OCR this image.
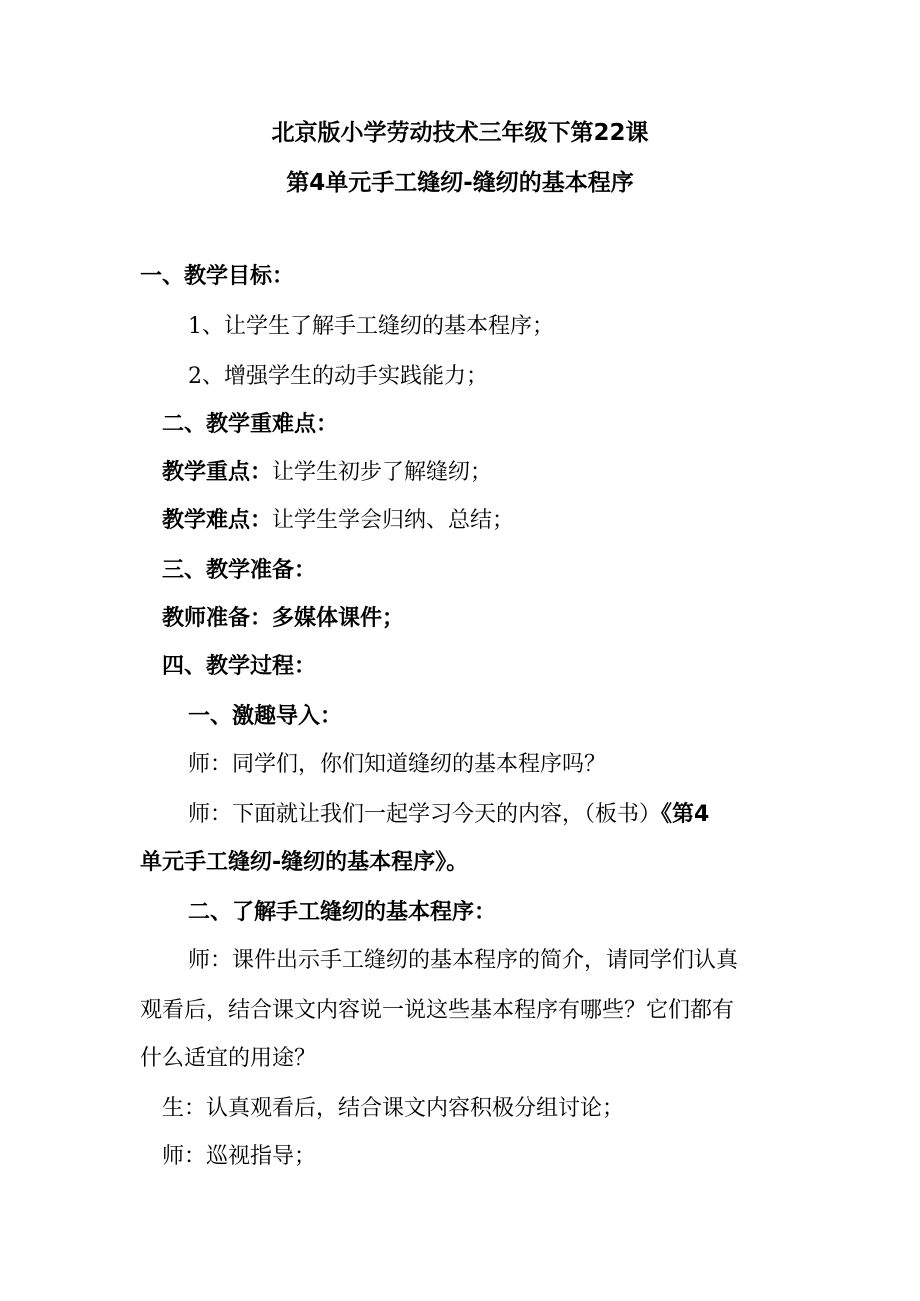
北京版小学劳动技术三年级下第22课
第4单元手工缝纫-缝纫的基本程序
一、教学目标：
1、让学生了解手工缝纫的基本程序；
2、增强学生的动手实践能力；
二、教学重难点：
教学重点：让学生初步了解缝纫；
教学难点：让学生学会归纳、总结；
三、教学准备：
教师准备：多媒体课件；
四、教学过程：
一、激趣导入：
师：同学们，你们知道缝纫的基本程序吗？
师：下面就让我们一起学习今天的内容，（板书）《第4
单元手工缝纫-缝纫的基本程序》。
二、了解手工缝纫的基本程序：
师：课件出示手工缝纫的基本程序的简介，请同学们认真
观看后，结合课文内容说一说这些基本程序有哪些？它们都有
什么适宜的用途？
生：认真观看后，结合课文内容积极分组讨论；
师：巡视指导；
